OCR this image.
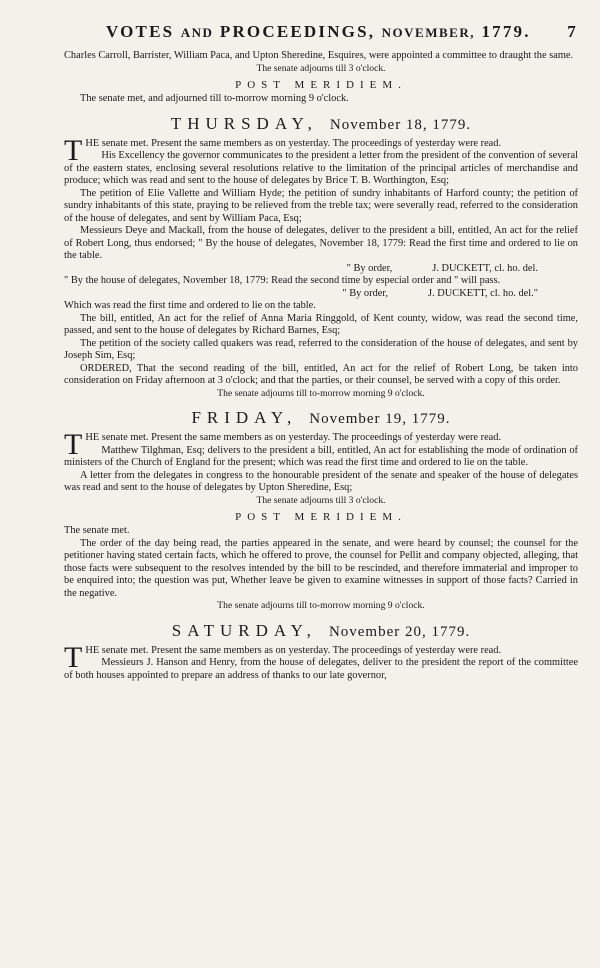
VOTES AND PROCEEDINGS, NOVEMBER, 1779. 7

Charles Carroll, Barrister, William Paca, and Upton Sheredine, Esquires, were appointed a committee to draught the same.

The senate adjourns till 3 o'clock.

POST MERIDIEM.

The senate met, and adjourned till to-morrow morning 9 o'clock.

THURSDAY, November 18, 1779.

THE senate met. Present the same members as on yesterday. The proceedings of yesterday were read.

His Excellency the governor communicates to the president a letter from the president of the convention of several of the eastern states, enclosing several resolutions relative to the limitation of the principal articles of merchandise and produce; which was read and sent to the house of delegates by Brice T. B. Worthington, Esq;

The petition of Elie Vallette and William Hyde; the petition of sundry inhabitants of Harford county; the petition of sundry inhabitants of this state, praying to be relieved from the treble tax; were severally read, referred to the consideration of the house of delegates, and sent by William Paca, Esq;

Messieurs Deye and Mackall, from the house of delegates, deliver to the president a bill, entitled, An act for the relief of Robert Long, thus endorsed; " By the house of delegates, November 18, 1779: Read the first time and ordered to lie on the table.

" By order,	J. DUCKETT, cl. ho. del.

" By the house of delegates, November 18, 1779: Read the second time by especial order and " will pass.

" By order,	J. DUCKETT, cl. ho. del."

Which was read the first time and ordered to lie on the table.

The bill, entitled, An act for the relief of Anna Maria Ringgold, of Kent county, widow, was read the second time, passed, and sent to the house of delegates by Richard Barnes, Esq;

The petition of the society called quakers was read, referred to the consideration of the house of delegates, and sent by Joseph Sim, Esq;

ORDERED, That the second reading of the bill, entitled, An act for the relief of Robert Long, be taken into consideration on Friday afternoon at 3 o'clock; and that the parties, or their counsel, be served with a copy of this order.

The senate adjourns till to-morrow morning 9 o'clock.

FRIDAY, November 19, 1779.

THE senate met. Present the same members as on yesterday. The proceedings of yesterday were read.

Matthew Tilghman, Esq; delivers to the president a bill, entitled, An act for establishing the mode of ordination of ministers of the Church of England for the present; which was read the first time and ordered to lie on the table.

A letter from the delegates in congress to the honourable president of the senate and speaker of the house of delegates was read and sent to the house of delegates by Upton Sheredine, Esq;

The senate adjourns till 3 o'clock.

POST MERIDIEM.

The senate met.

The order of the day being read, the parties appeared in the senate, and were heard by counsel; the counsel for the petitioner having stated certain facts, which he offered to prove, the counsel for Pellit and company objected, alleging, that those facts were subsequent to the resolves intended by the bill to be rescinded, and therefore immaterial and improper to be enquired into; the question was put, Whether leave be given to examine witnesses in support of those facts? Carried in the negative.

The senate adjourns till to-morrow morning 9 o'clock.

SATURDAY, November 20, 1779.

THE senate met. Present the same members as on yesterday. The proceedings of yesterday were read.

Messieurs J. Hanson and Henry, from the house of delegates, deliver to the president the report of the committee of both houses appointed to prepare an address of thanks to our late governor,
